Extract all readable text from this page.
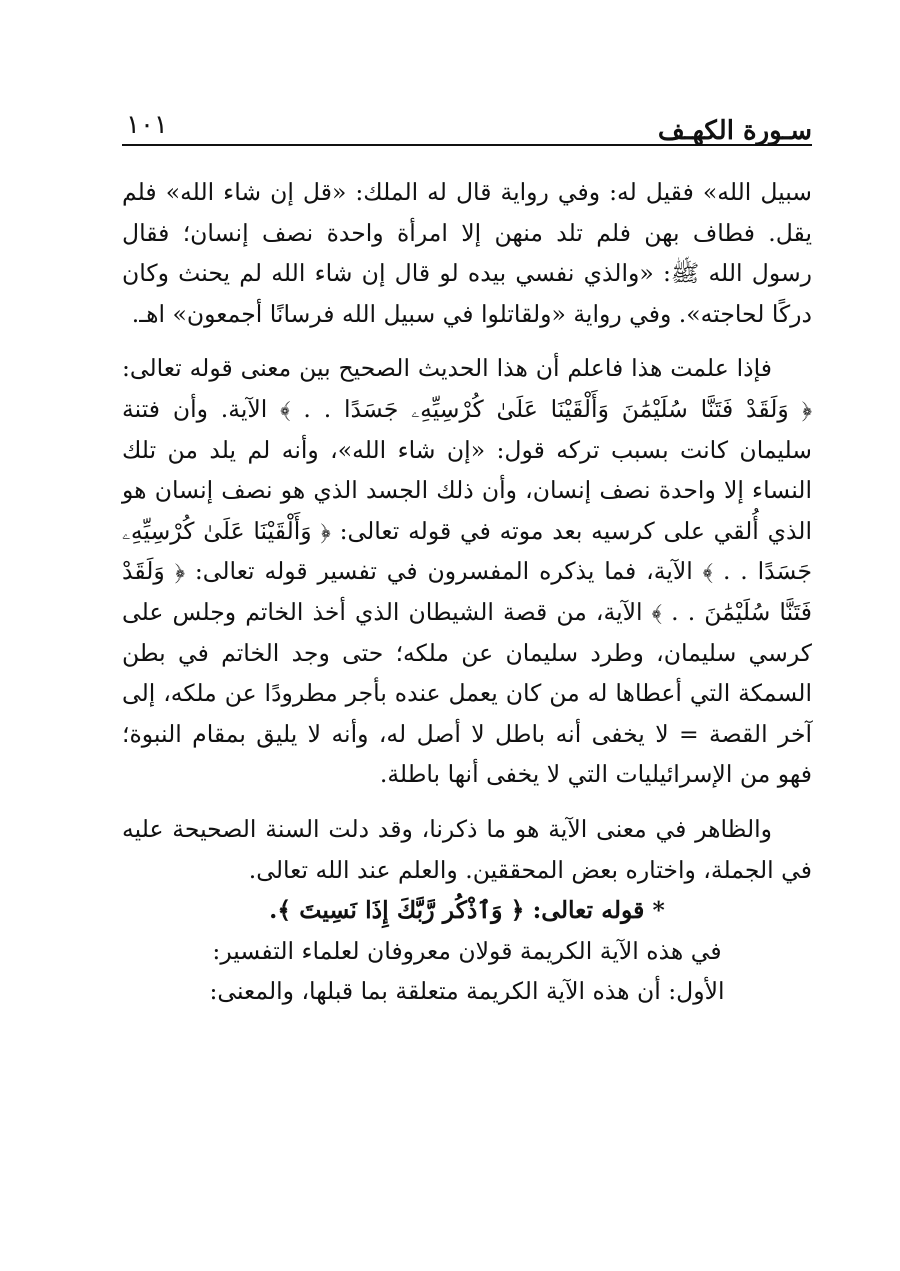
سـورة الكهـف
١٠١

سبيل الله» فقيل له: وفي رواية قال له الملك: «قل إن شاء الله» فلم يقل. فطاف بهن فلم تلد منهن إلا امرأة واحدة نصف إنسان؛ فقال رسول الله ﷺ: «والذي نفسي بيده لو قال إن شاء الله لم يحنث وكان دركًا لحاجته». وفي رواية «ولقاتلوا في سبيل الله فرسانًا أجمعون» اهـ.

فإذا علمت هذا فاعلم أن هذا الحديث الصحيح بين معنى قوله تعالى: ﴿ وَلَقَدْ فَتَنَّا سُلَيْمَٰنَ وَأَلْقَيْنَا عَلَىٰ كُرْسِيِّهِۦ جَسَدًا . . ﴾ الآية. وأن فتنة سليمان كانت بسبب تركه قول: «إن شاء الله»، وأنه لم يلد من تلك النساء إلا واحدة نصف إنسان، وأن ذلك الجسد الذي هو نصف إنسان هو الذي أُلقي على كرسيه بعد موته في قوله تعالى: ﴿ وَأَلْقَيْنَا عَلَىٰ كُرْسِيِّهِۦ جَسَدًا . . ﴾ الآية، فما يذكره المفسرون في تفسير قوله تعالى: ﴿ وَلَقَدْ فَتَنَّا سُلَيْمَٰنَ . . ﴾ الآية، من قصة الشيطان الذي أخذ الخاتم وجلس على كرسي سليمان، وطرد سليمان عن ملكه؛ حتى وجد الخاتم في بطن السمكة التي أعطاها له من كان يعمل عنده بأجر مطرودًا عن ملكه، إلى آخر القصة = لا يخفى أنه باطل لا أصل له، وأنه لا يليق بمقام النبوة؛ فهو من الإسرائيليات التي لا يخفى أنها باطلة.

والظاهر في معنى الآية هو ما ذكرنا، وقد دلت السنة الصحيحة عليه في الجملة، واختاره بعض المحققين. والعلم عند الله تعالى.

* قوله تعالى: ﴿ وَٱذْكُر رَّبَّكَ إِذَا نَسِيتَ ﴾.

في هذه الآية الكريمة قولان معروفان لعلماء التفسير:

الأول: أن هذه الآية الكريمة متعلقة بما قبلها، والمعنى:
